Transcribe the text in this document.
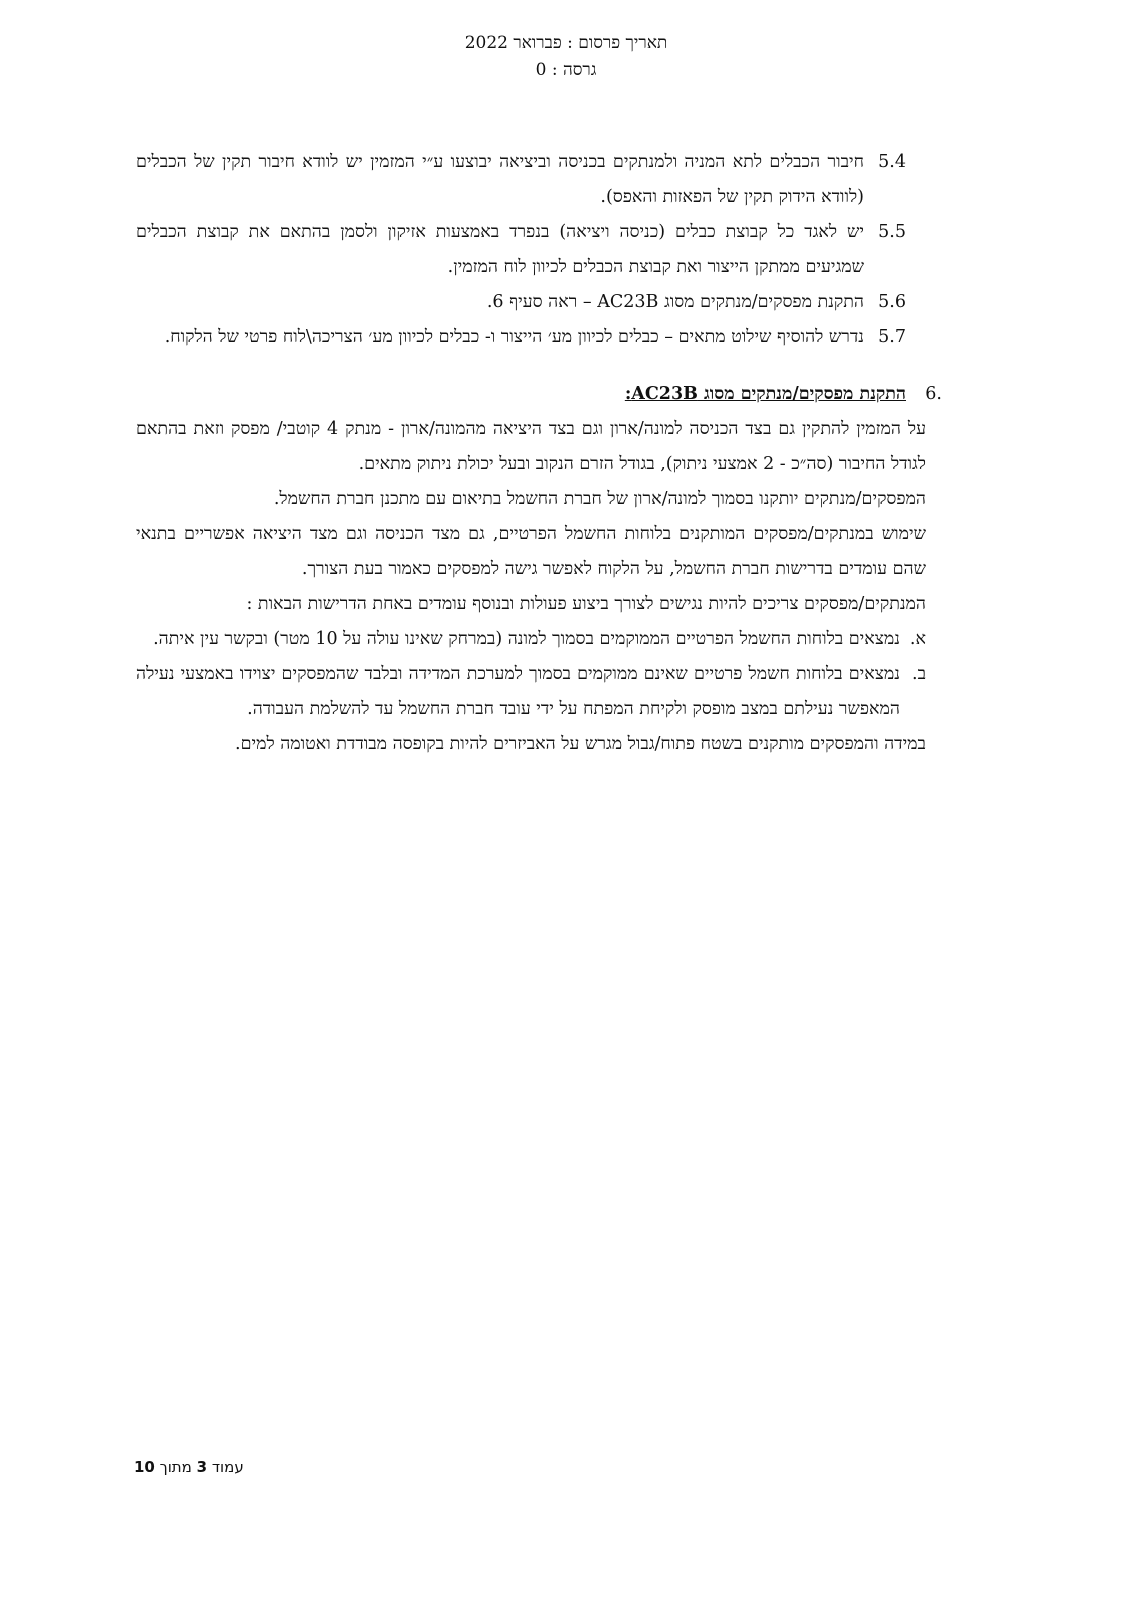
תאריך פרסום : פברואר 2022
גרסה : 0
5.4
חיבור הכבלים לתא המניה ולמנתקים בכניסה וביציאה יבוצעו ע״י המזמין יש לוודא חיבור תקין של הכבלים (לוודא הידוק תקין של הפאזות והאפס).
5.5
יש לאגד כל קבוצת כבלים (כניסה ויציאה) בנפרד באמצעות אזיקון ולסמן בהתאם את קבוצת הכבלים שמגיעים ממתקן הייצור ואת קבוצת הכבלים לכיוון לוח המזמין.
5.6
התקנת מפסקים/מנתקים מסוג AC23B – ראה סעיף 6.
5.7
נדרש להוסיף שילוט מתאים – כבלים לכיוון מע׳ הייצור ו- כבלים לכיוון מע׳ הצריכה\לוח פרטי של הלקוח.
6.
התקנת מפסקים/מנתקים מסוג AC23B:

על המזמין להתקין גם בצד הכניסה למונה/ארון וגם בצד היציאה מהמונה/ארון - מנתק 4 קוטבי/ מפסק וזאת בהתאם לגודל החיבור (סה״כ - 2 אמצעי ניתוק), בגודל הזרם הנקוב ובעל יכולת ניתוק מתאים.

המפסקים/מנתקים יותקנו בסמוך למונה/ארון של חברת החשמל בתיאום עם מתכנן חברת החשמל.

שימוש במנתקים/מפסקים המותקנים בלוחות החשמל הפרטיים, גם מצד הכניסה וגם מצד היציאה אפשריים בתנאי שהם עומדים בדרישות חברת החשמל, על הלקוח לאפשר גישה למפסקים כאמור בעת הצורך.

המנתקים/מפסקים צריכים להיות נגישים לצורך ביצוע פעולות ובנוסף עומדים באחת הדרישות הבאות :

א.
נמצאים בלוחות החשמל הפרטיים הממוקמים בסמוך למונה (במרחק שאינו עולה על 10 מטר) ובקשר עין איתה.
ב.
נמצאים בלוחות חשמל פרטיים שאינם ממוקמים בסמוך למערכת המדידה ובלבד שהמפסקים יצוידו באמצעי נעילה המאפשר נעילתם במצב מופסק ולקיחת המפתח על ידי עובד חברת החשמל עד להשלמת העבודה.

במידה והמפסקים מותקנים בשטח פתוח/גבול מגרש על האביזרים להיות בקופסה מבודדת ואטומה למים.

עמוד 3 מתוך 10
